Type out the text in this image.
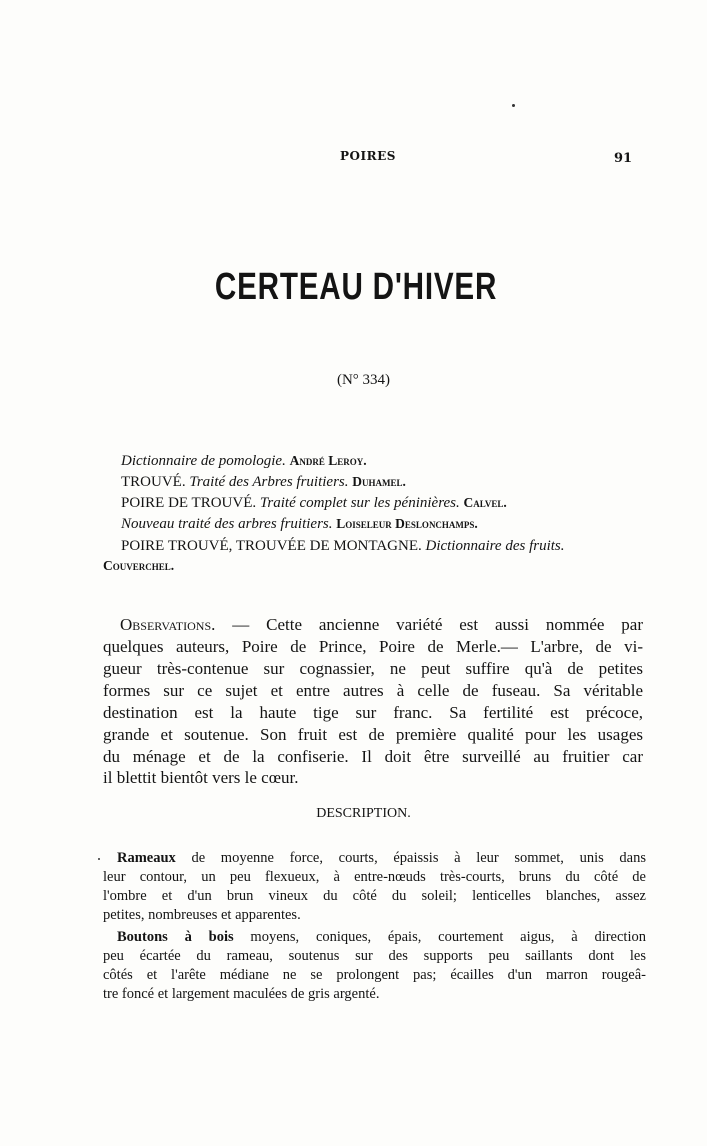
POIRES	91
CERTEAU D'HIVER
(N° 334)
Dictionnaire de pomologie. André Leroy.
TROUVÉ. Traité des Arbres fruitiers. Duhamel.
POIRE DE TROUVÉ. Traité complet sur les péninières. Calvel.
Nouveau traité des arbres fruitiers. Loiseleur Deslonchamps.
POIRE TROUVÉ, TROUVÉE DE MONTAGNE. Dictionnaire des fruits.
Couverchel.
Observations. — Cette ancienne variété est aussi nommée par
quelques auteurs, Poire de Prince, Poire de Merle.— L'arbre, de vi-
gueur très-contenue sur cognassier, ne peut suffire qu'à de petites
formes sur ce sujet et entre autres à celle de fuseau. Sa véritable
destination est la haute tige sur franc. Sa fertilité est précoce,
grande et soutenue. Son fruit est de première qualité pour les usages
du ménage et de la confiserie. Il doit être surveillé au fruitier car
il blettit bientôt vers le cœur.
DESCRIPTION.
Rameaux de moyenne force, courts, épaissis à leur sommet, unis dans
leur contour, un peu flexueux, à entre-nœuds très-courts, bruns du côté de
l'ombre et d'un brun vineux du côté du soleil; lenticelles blanches, assez
petites, nombreuses et apparentes.
Boutons à bois moyens, coniques, épais, courtement aigus, à direction
peu écartée du rameau, soutenus sur des supports peu saillants dont les
côtés et l'arête médiane ne se prolongent pas; écailles d'un marron rougeâ-
tre foncé et largement maculées de gris argenté.
